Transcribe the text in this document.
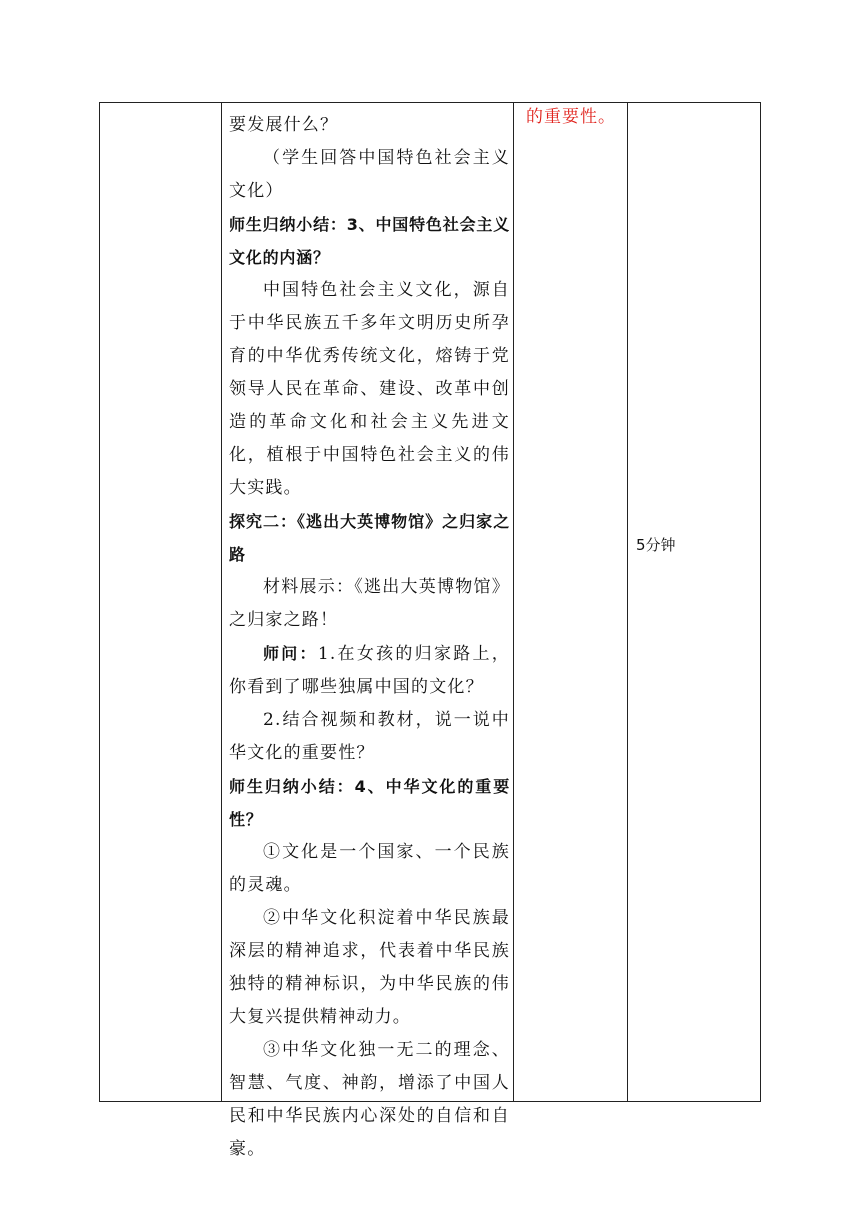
要发展什么？

（学生回答中国特色社会主义文化）

师生归纳小结：3、中国特色社会主义文化的内涵？

中国特色社会主义文化，源自于中华民族五千多年文明历史所孕育的中华优秀传统文化，熔铸于党领导人民在革命、建设、改革中创造的革命文化和社会主义先进文化，植根于中国特色社会主义的伟大实践。

探究二：《逃出大英博物馆》之归家之路

材料展示：《逃出大英博物馆》之归家之路！

师问：1.在女孩的归家路上，你看到了哪些独属中国的文化？

2.结合视频和教材，说一说中华文化的重要性？

师生归纳小结：4、中华文化的重要性？

①文化是一个国家、一个民族的灵魂。

②中华文化积淀着中华民族最深层的精神追求，代表着中华民族独特的精神标识，为中华民族的伟大复兴提供精神动力。

③中华文化独一无二的理念、智慧、气度、神韵，增添了中国人民和中华民族内心深处的自信和自豪。

的重要性。

5分钟
